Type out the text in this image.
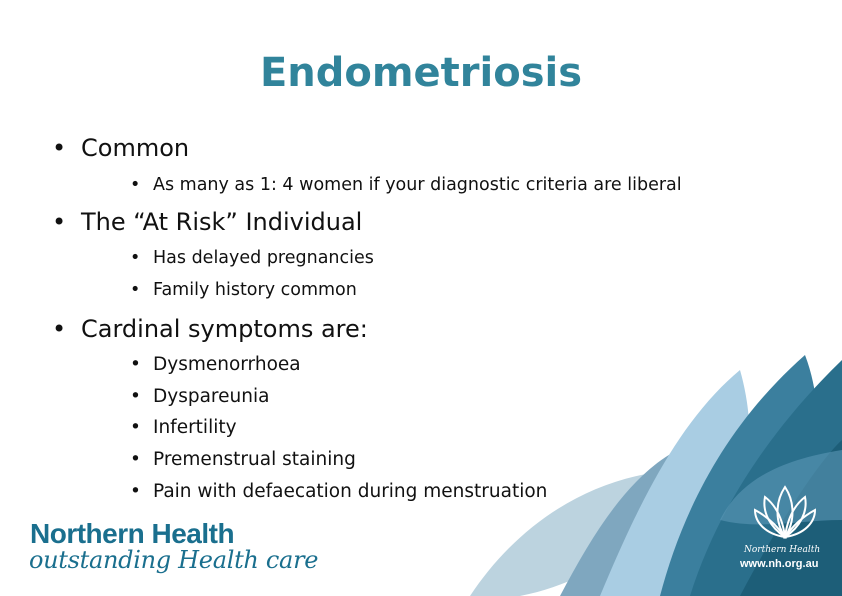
Northern Health
www.nh.org.au
Endometriosis
• Common
• As many as 1: 4 women if your diagnostic criteria are liberal
• The “At Risk” Individual
• Has delayed pregnancies
• Family history common
• Cardinal symptoms are:
• Dysmenorrhoea
• Dyspareunia
• Infertility
• Premenstrual staining
• Pain with defaecation during menstruation
Northern Health
outstanding Health care
